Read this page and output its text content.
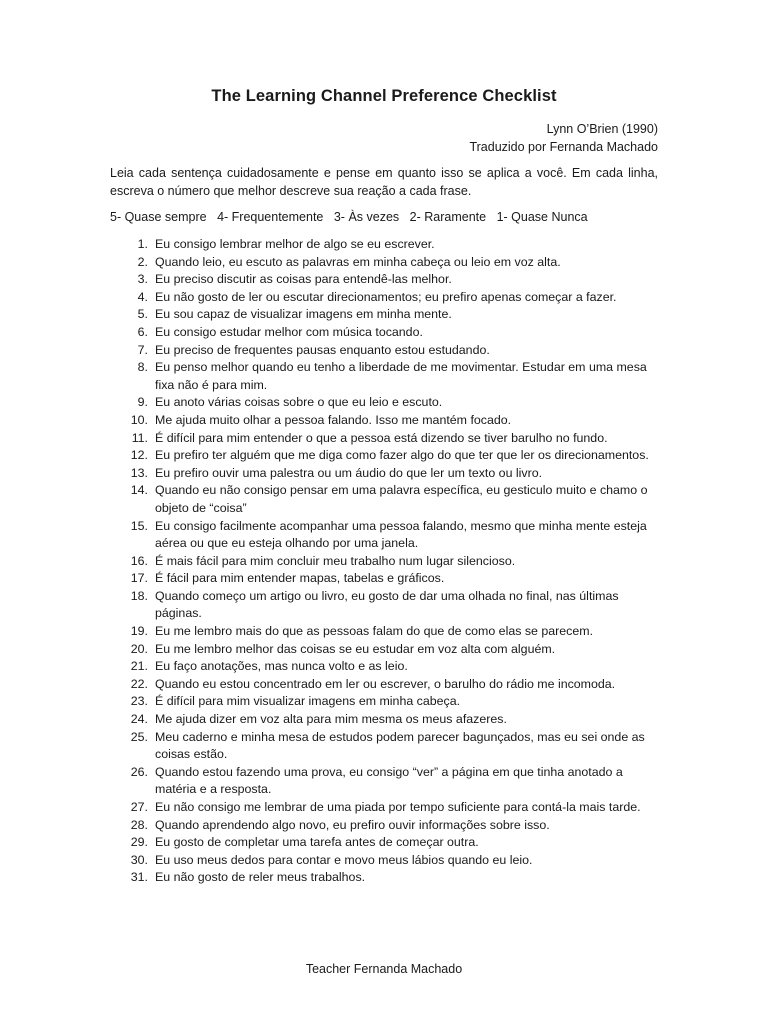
The Learning Channel Preference Checklist
Lynn O’Brien (1990)
Traduzido por Fernanda Machado
Leia cada sentença cuidadosamente e pense em quanto isso se aplica a você. Em cada linha, escreva o número que melhor descreve sua reação a cada frase.
5- Quase sempre 4- Frequentemente 3- Às vezes 2- Raramente 1- Quase Nunca
1. Eu consigo lembrar melhor de algo se eu escrever.
2. Quando leio, eu escuto as palavras em minha cabeça ou leio em voz alta.
3. Eu preciso discutir as coisas para entendê-las melhor.
4. Eu não gosto de ler ou escutar direcionamentos; eu prefiro apenas começar a fazer.
5. Eu sou capaz de visualizar imagens em minha mente.
6. Eu consigo estudar melhor com música tocando.
7. Eu preciso de frequentes pausas enquanto estou estudando.
8. Eu penso melhor quando eu tenho a liberdade de me movimentar. Estudar em uma mesa fixa não é para mim.
9. Eu anoto várias coisas sobre o que eu leio e escuto.
10. Me ajuda muito olhar a pessoa falando. Isso me mantém focado.
11. É difícil para mim entender o que a pessoa está dizendo se tiver barulho no fundo.
12. Eu prefiro ter alguém que me diga como fazer algo do que ter que ler os direcionamentos.
13. Eu prefiro ouvir uma palestra ou um áudio do que ler um texto ou livro.
14. Quando eu não consigo pensar em uma palavra específica, eu gesticulo muito e chamo o objeto de “coisa”
15. Eu consigo facilmente acompanhar uma pessoa falando, mesmo que minha mente esteja aérea ou que eu esteja olhando por uma janela.
16. É mais fácil para mim concluir meu trabalho num lugar silencioso.
17. É fácil para mim entender mapas, tabelas e gráficos.
18. Quando começo um artigo ou livro, eu gosto de dar uma olhada no final, nas últimas páginas.
19. Eu me lembro mais do que as pessoas falam do que de como elas se parecem.
20. Eu me lembro melhor das coisas se eu estudar em voz alta com alguém.
21. Eu faço anotações, mas nunca volto e as leio.
22. Quando eu estou concentrado em ler ou escrever, o barulho do rádio me incomoda.
23. É difícil para mim visualizar imagens em minha cabeça.
24. Me ajuda dizer em voz alta para mim mesma os meus afazeres.
25. Meu caderno e minha mesa de estudos podem parecer bagunçados, mas eu sei onde as coisas estão.
26. Quando estou fazendo uma prova, eu consigo “ver” a página em que tinha anotado a matéria e a resposta.
27. Eu não consigo me lembrar de uma piada por tempo suficiente para contá-la mais tarde.
28. Quando aprendendo algo novo, eu prefiro ouvir informações sobre isso.
29. Eu gosto de completar uma tarefa antes de começar outra.
30. Eu uso meus dedos para contar e movo meus lábios quando eu leio.
31. Eu não gosto de reler meus trabalhos.
Teacher Fernanda Machado
